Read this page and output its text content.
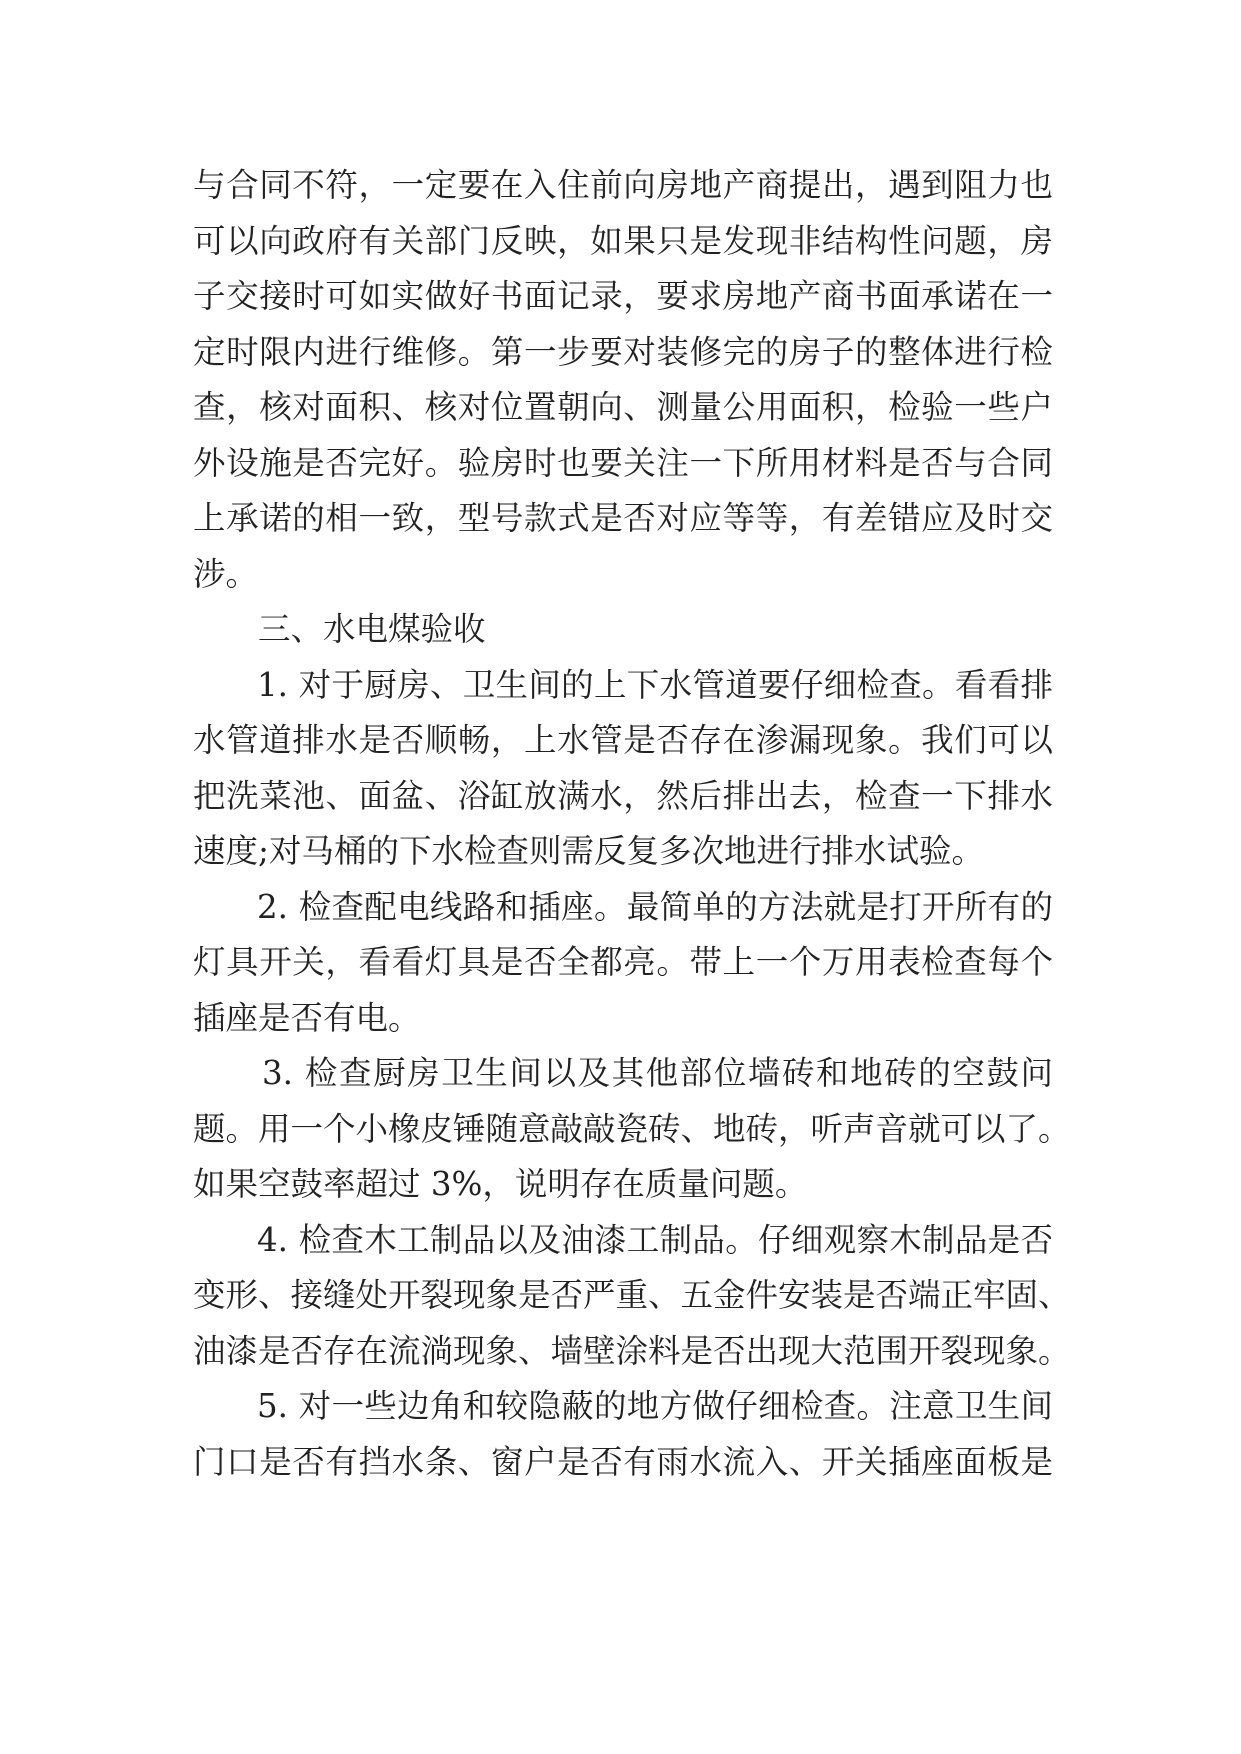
与合同不符，一定要在入住前向房地产商提出，遇到阻力也
可以向政府有关部门反映，如果只是发现非结构性问题，房
子交接时可如实做好书面记录，要求房地产商书面承诺在一
定时限内进行维修。第一步要对装修完的房子的整体进行检
查，核对面积、核对位置朝向、测量公用面积，检验一些户
外设施是否完好。验房时也要关注一下所用材料是否与合同
上承诺的相一致，型号款式是否对应等等，有差错应及时交
涉。
三、水电煤验收
1. 对于厨房、卫生间的上下水管道要仔细检查。看看排
水管道排水是否顺畅，上水管是否存在渗漏现象。我们可以
把洗菜池、面盆、浴缸放满水，然后排出去，检查一下排水
速度;对马桶的下水检查则需反复多次地进行排水试验。
2. 检查配电线路和插座。最简单的方法就是打开所有的
灯具开关，看看灯具是否全都亮。带上一个万用表检查每个
插座是否有电。
3. 检查厨房卫生间以及其他部位墙砖和地砖的空鼓问
题。用一个小橡皮锤随意敲敲瓷砖、地砖，听声音就可以了。
如果空鼓率超过 3%，说明存在质量问题。
4. 检查木工制品以及油漆工制品。仔细观察木制品是否
变形、接缝处开裂现象是否严重、五金件安装是否端正牢固、
油漆是否存在流淌现象、墙壁涂料是否出现大范围开裂现象。
5. 对一些边角和较隐蔽的地方做仔细检查。注意卫生间
门口是否有挡水条、窗户是否有雨水流入、开关插座面板是
